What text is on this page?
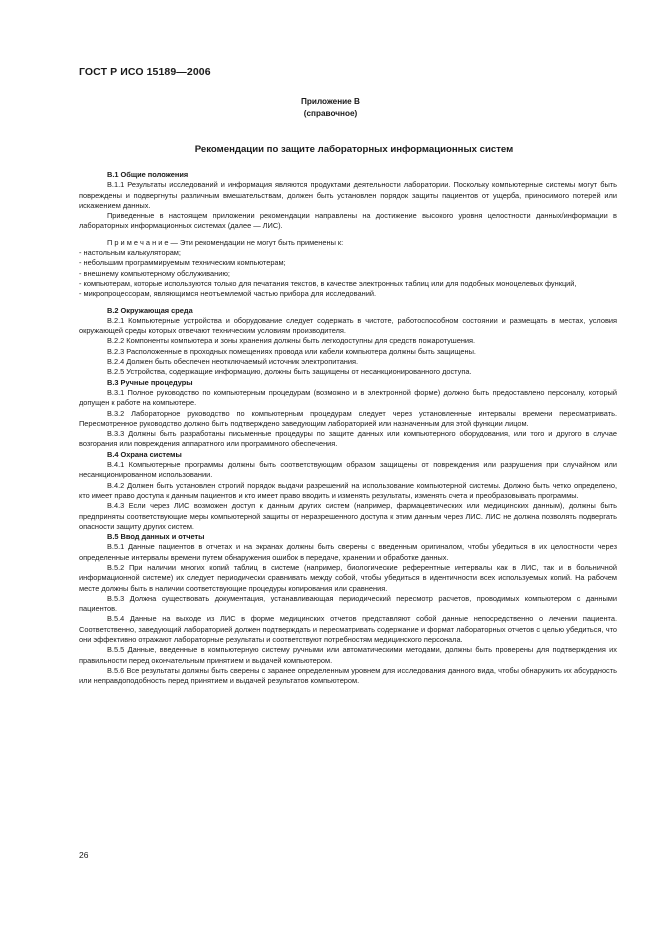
ГОСТ Р ИСО 15189—2006
Приложение В
(справочное)
Рекомендации по защите лабораторных информационных систем

В.1 Общие положения

В.1.1 Результаты исследований и информация являются продуктами деятельности лаборатории. Поскольку компьютерные системы могут быть повреждены и подвергнуты различным вмешательствам, должен быть установлен порядок защиты пациентов от ущерба, приносимого потерей или искажением данных.

Приведенные в настоящем приложении рекомендации направлены на достижение высокого уровня целостности данных/информации в лабораторных информационных системах (далее — ЛИС).

П р и м е ч а н и е — Эти рекомендации не могут быть применены к:

- настольным калькуляторам;

- небольшим программируемым техническим компьютерам;

- внешнему компьютерному обслуживанию;

- компьютерам, которые используются только для печатания текстов, в качестве электронных таблиц или для подобных моноцелевых функций,

- микропроцессорам, являющимся неотъемлемой частью прибора для исследований.

В.2 Окружающая среда

В.2.1 Компьютерные устройства и оборудование следует содержать в чистоте, работоспособном состоянии и размещать в местах, условия окружающей среды которых отвечают техническим условиям производителя.

В.2.2 Компоненты компьютера и зоны хранения должны быть легкодоступны для средств пожаротушения.

В.2.3 Расположенные в проходных помещениях провода или кабели компьютера должны быть защищены.

В.2.4 Должен быть обеспечен неотключаемый источник электропитания.

В.2.5 Устройства, содержащие информацию, должны быть защищены от несанкционированного доступа.

В.3 Ручные процедуры

В.3.1 Полное руководство по компьютерным процедурам (возможно и в электронной форме) должно быть предоставлено персоналу, который допущен к работе на компьютере.

В.3.2 Лабораторное руководство по компьютерным процедурам следует через установленные интервалы времени пересматривать. Пересмотренное руководство должно быть подтверждено заведующим лабораторией или назначенным для этой функции лицом.

В.3.3 Должны быть разработаны письменные процедуры по защите данных или компьютерного оборудования, или того и другого в случае возгорания или повреждения аппаратного или программного обеспечения.

В.4 Охрана системы

В.4.1 Компьютерные программы должны быть соответствующим образом защищены от повреждения или разрушения при случайном или несанкционированном использовании.

В.4.2 Должен быть установлен строгий порядок выдачи разрешений на использование компьютерной системы. Должно быть четко определено, кто имеет право доступа к данным пациентов и кто имеет право вводить и изменять результаты, изменять счета и преобразовывать программы.

В.4.3 Если через ЛИС возможен доступ к данным других систем (например, фармацевтических или медицинских данным), должны быть предприняты соответствующие меры компьютерной защиты от неразрешенного доступа к этим данным через ЛИС. ЛИС не должна позволять подвергать опасности защиту других систем.

В.5 Ввод данных и отчеты

В.5.1 Данные пациентов в отчетах и на экранах должны быть сверены с введенным оригиналом, чтобы убедиться в их целостности через определенные интервалы времени путем обнаружения ошибок в передаче, хранении и обработке данных.

В.5.2 При наличии многих копий таблиц в системе (например, биологические референтные интервалы как в ЛИС, так и в больничной информационной системе) их следует периодически сравнивать между собой, чтобы убедиться в идентичности всех используемых копий. На рабочем месте должны быть в наличии соответствующие процедуры копирования или сравнения.

В.5.3 Должна существовать документация, устанавливающая периодический пересмотр расчетов, проводимых компьютером с данными пациентов.

В.5.4 Данные на выходе из ЛИС в форме медицинских отчетов представляют собой данные непосредственно о лечении пациента. Соответственно, заведующий лабораторией должен подтверждать и пересматривать содержание и формат лабораторных отчетов с целью убедиться, что они эффективно отражают лабораторные результаты и соответствуют потребностям медицинского персонала.

В.5.5 Данные, введенные в компьютерную систему ручными или автоматическими методами, должны быть проверены для подтверждения их правильности перед окончательным принятием и выдачей компьютером.

В.5.6 Все результаты должны быть сверены с заранее определенным уровнем для исследования данного вида, чтобы обнаружить их абсурдность или неправдоподобность перед принятием и выдачей результатов компьютером.

26
